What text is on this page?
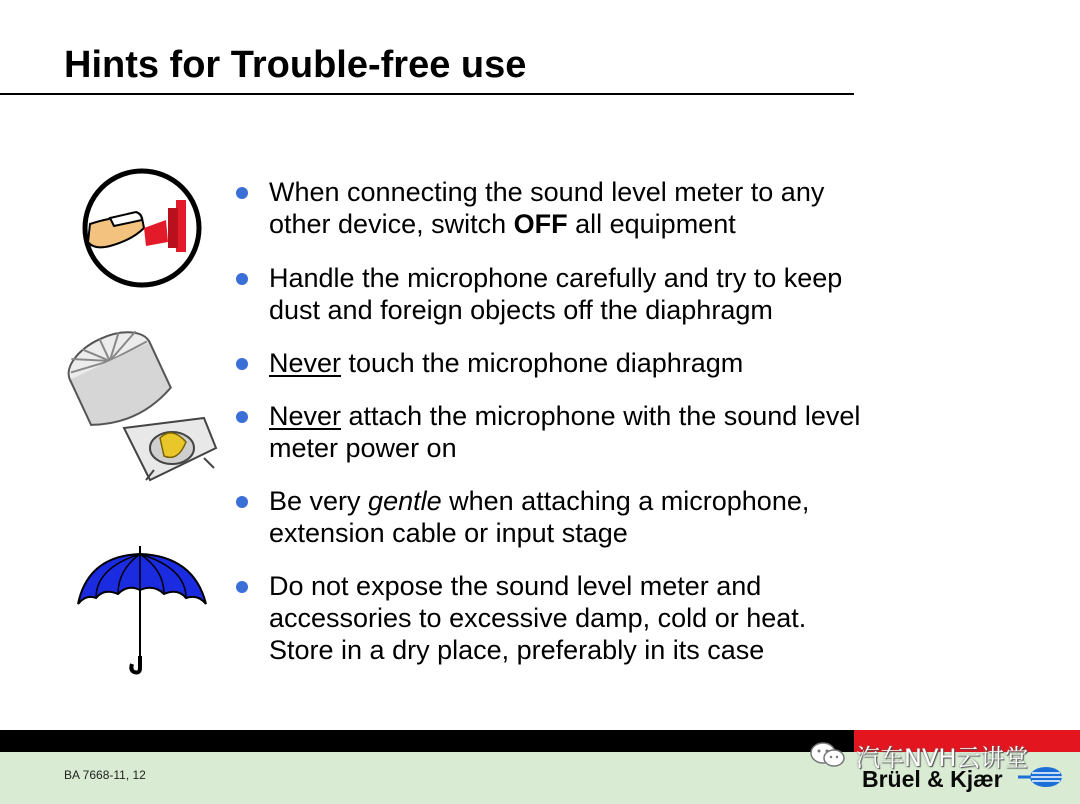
Hints for Trouble-free use
When connecting the sound level meter to any
other device, switch OFF all equipment
Handle the microphone carefully and try to keep
dust and foreign objects off the diaphragm
Never touch the microphone diaphragm
Never attach the microphone with the sound level
meter power on
Be very gentle when attaching a microphone,
extension cable or input stage
Do not expose the sound level meter and
accessories to excessive damp, cold or heat.
Store in a dry place, preferably in its case
BA 7668-11, 12
汽车NVH云讲堂
Brüel & Kjær
